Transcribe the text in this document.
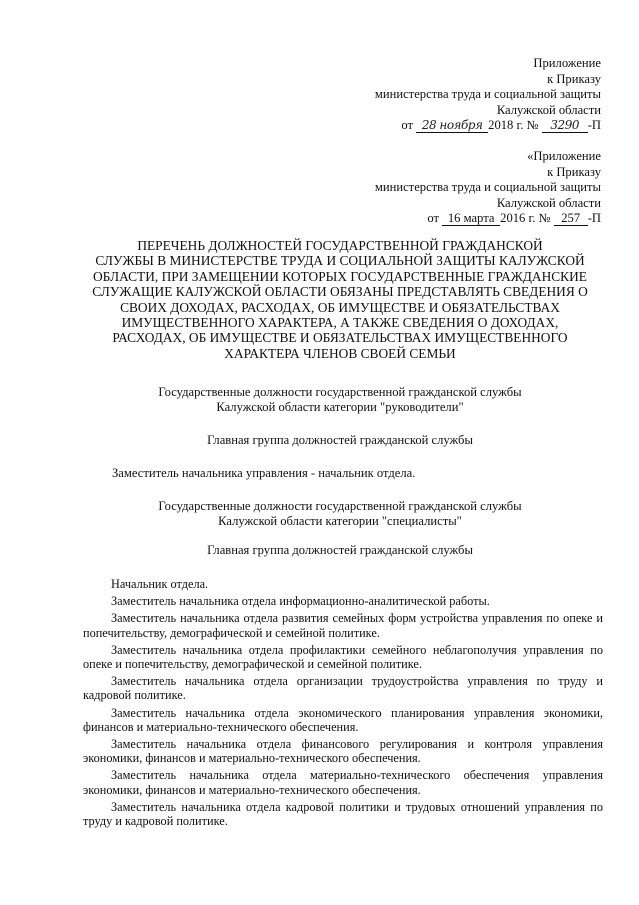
Приложение
к Приказу
министерства труда и социальной защиты
Калужской области
от 28 ноября 2018 г. № 3290 -П
«Приложение
к Приказу
министерства труда и социальной защиты
Калужской области
от 16 марта 2016 г. № 257 -П
ПЕРЕЧЕНЬ ДОЛЖНОСТЕЙ ГОСУДАРСТВЕННОЙ ГРАЖДАНСКОЙ
СЛУЖБЫ В МИНИСТЕРСТВЕ ТРУДА И СОЦИАЛЬНОЙ ЗАЩИТЫ КАЛУЖСКОЙ
ОБЛАСТИ, ПРИ ЗАМЕЩЕНИИ КОТОРЫХ ГОСУДАРСТВЕННЫЕ ГРАЖДАНСКИЕ
СЛУЖАЩИЕ КАЛУЖСКОЙ ОБЛАСТИ ОБЯЗАНЫ ПРЕДСТАВЛЯТЬ СВЕДЕНИЯ О
СВОИХ ДОХОДАХ, РАСХОДАХ, ОБ ИМУЩЕСТВЕ И ОБЯЗАТЕЛЬСТВАХ
ИМУЩЕСТВЕННОГО ХАРАКТЕРА, А ТАКЖЕ СВЕДЕНИЯ О ДОХОДАХ,
РАСХОДАХ, ОБ ИМУЩЕСТВЕ И ОБЯЗАТЕЛЬСТВАХ ИМУЩЕСТВЕННОГО
ХАРАКТЕРА ЧЛЕНОВ СВОЕЙ СЕМЬИ
Государственные должности государственной гражданской службы
Калужской области категории "руководители"
Главная группа должностей гражданской службы
Заместитель начальника управления - начальник отдела.
Государственные должности государственной гражданской службы
Калужской области категории "специалисты"
Главная группа должностей гражданской службы
Начальник отдела.
Заместитель начальника отдела информационно-аналитической работы.
Заместитель начальника отдела развития семейных форм устройства управления по опеке и попечительству, демографической и семейной политике.
Заместитель начальника отдела профилактики семейного неблагополучия управления по опеке и попечительству, демографической и семейной политике.
Заместитель начальника отдела организации трудоустройства управления по труду и кадровой политике.
Заместитель начальника отдела экономического планирования управления экономики, финансов и материально-технического обеспечения.
Заместитель начальника отдела финансового регулирования и контроля управления экономики, финансов и материально-технического обеспечения.
Заместитель начальника отдела материально-технического обеспечения управления экономики, финансов и материально-технического обеспечения.
Заместитель начальника отдела кадровой политики и трудовых отношений управления по труду и кадровой политике.
